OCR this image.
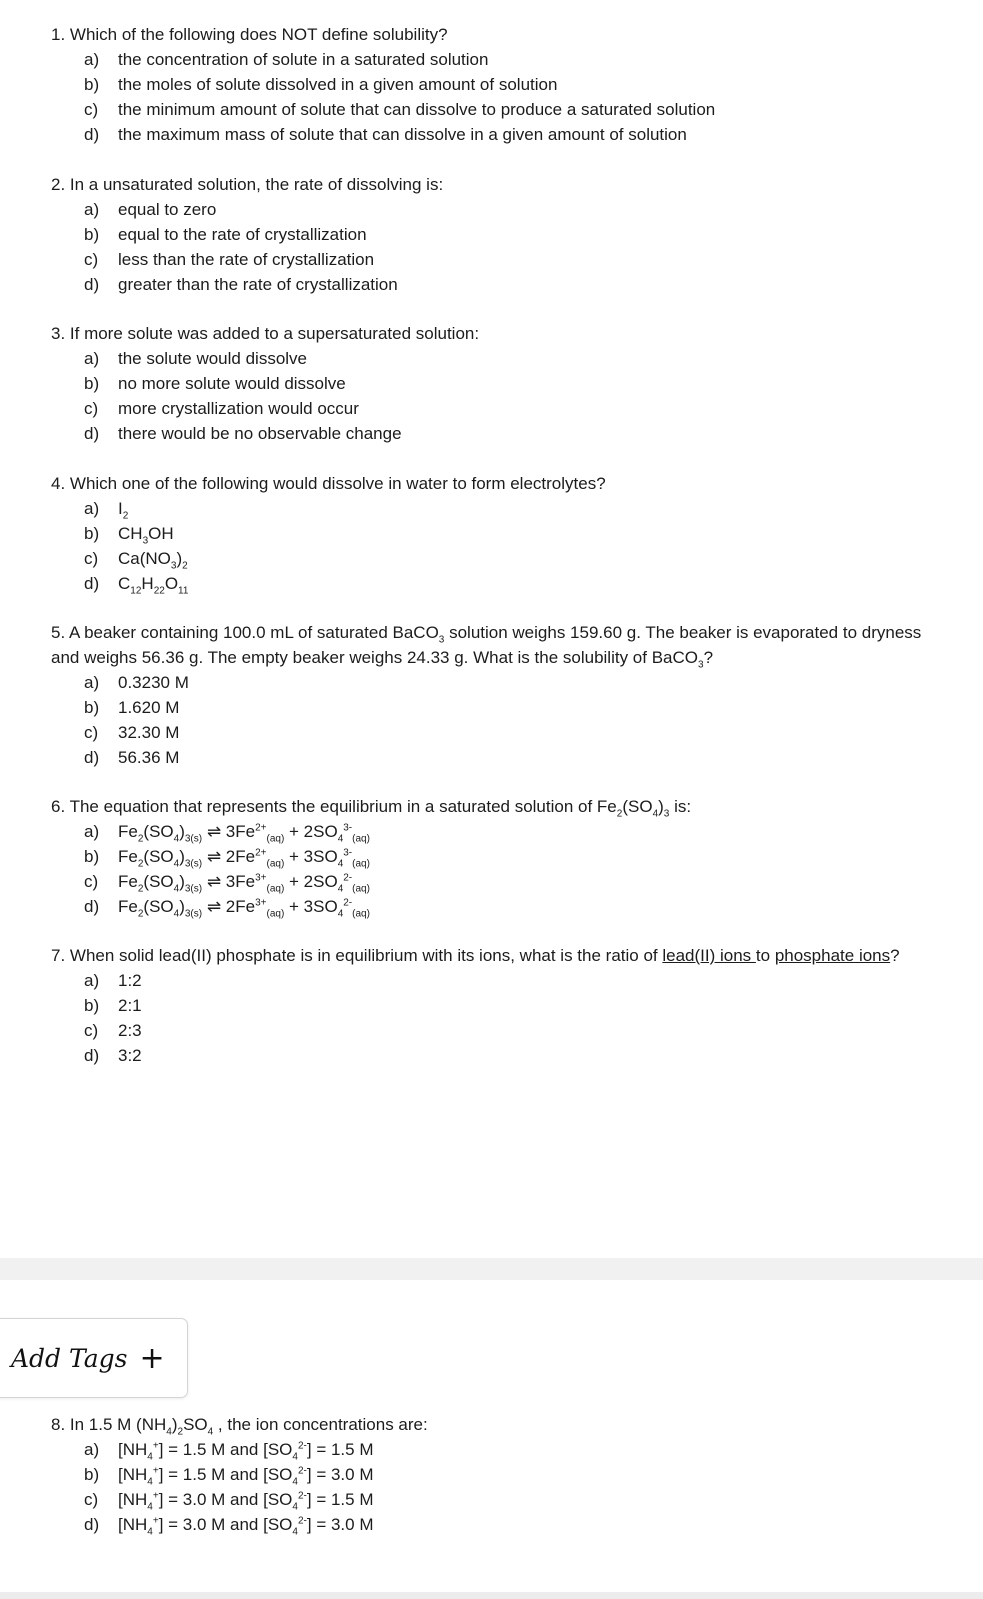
1. Which of the following does NOT define solubility?

a)	the concentration of solute in a saturated solution
b)	the moles of solute dissolved in a given amount of solution
c)	the minimum amount of solute that can dissolve to produce a saturated solution
d)	the maximum mass of solute that can dissolve in a given amount of solution

2. In a unsaturated solution, the rate of dissolving is:

a)	equal to zero
b)	equal to the rate of crystallization
c)	less than the rate of crystallization
d)	greater than the rate of crystallization

3. If more solute was added to a supersaturated solution:

a)	the solute would dissolve
b)	no more solute would dissolve
c)	more crystallization would occur
d)	there would be no observable change

4. Which one of the following would dissolve in water to form electrolytes?

a)	$I_2$
b)	$CH_3OH$
c)	$Ca(NO_3)_2$
d)	$C_{12}H_{22}O_{11}$

5. A beaker containing 100.0 mL of saturated BaCO$_3$ solution weighs 159.60 g. The beaker is evaporated to dryness and weighs 56.36 g. The empty beaker weighs 24.33 g. What is the solubility of BaCO$_3$?

a)	0.3230 M
b)	1.620 M
c)	32.30 M
d)	56.36 M

6. The equation that represents the equilibrium in a saturated solution of $Fe_2(SO_4)_3$ is:

a)	$Fe_2(SO_4)_{3(s)}$ ⇌ $3Fe^{2+}_{(aq)} + 2SO_4^{3-}_{(aq)}$
b)	$Fe_2(SO_4)_{3(s)}$ ⇌ $2Fe^{2+}_{(aq)} + 3SO_4^{3-}_{(aq)}$
c)	$Fe_2(SO_4)_{3(s)}$ ⇌ $3Fe^{3+}_{(aq)} + 2SO_4^{2-}_{(aq)}$
d)	$Fe_2(SO_4)_{3(s)}$ ⇌ $2Fe^{3+}_{(aq)} + 3SO_4^{2-}_{(aq)}$

7. When solid lead(II) phosphate is in equilibrium with its ions, what is the ratio of lead(II) ions to phosphate ions?

a)	1:2
b)	2:1
c)	2:3
d)	3:2
Add Tags +

8. In 1.5 M $(NH_4)_2SO_4$ , the ion concentrations are:

a)	$[NH_4^+] = 1.5$ M and $[SO_4^{2-}] = 1.5$ M
b)	$[NH_4^+] = 1.5$ M and $[SO_4^{2-}] = 3.0$ M
c)	$[NH_4^+] = 3.0$ M and $[SO_4^{2-}] = 1.5$ M
d)	$[NH_4^+] = 3.0$ M and $[SO_4^{2-}] = 3.0$ M
